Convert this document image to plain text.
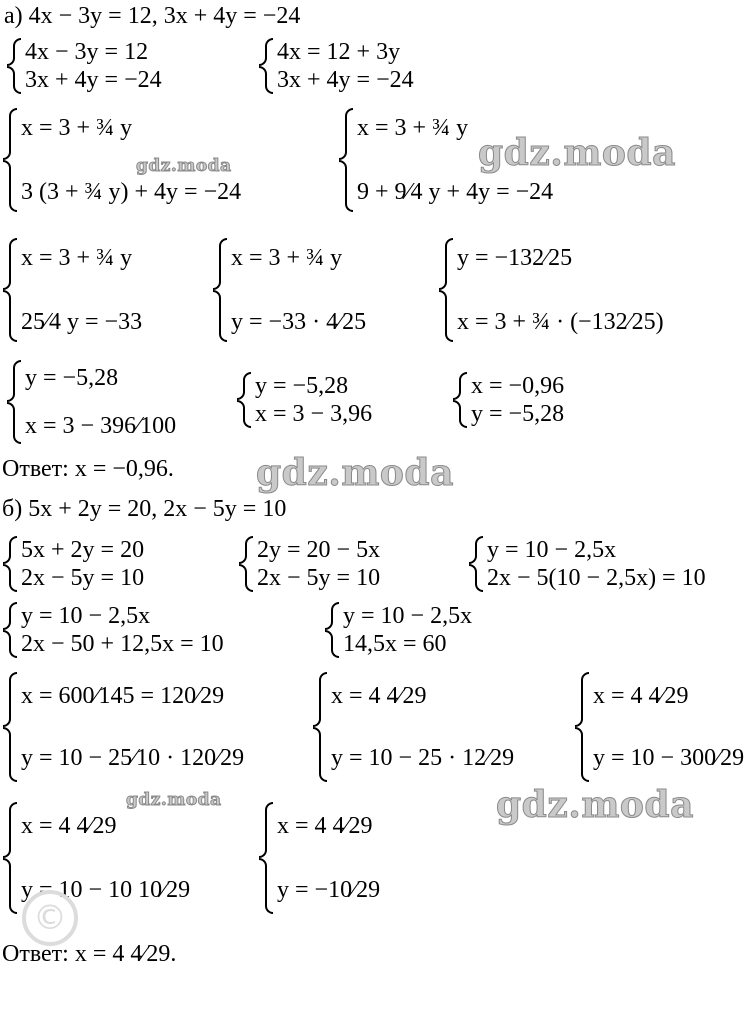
а) 4x − 3y = 12, 3x + 4y = −24
4x − 3y = 12
3x + 4y = −24
4x = 12 + 3y
3x + 4y = −24
x = 3 + ¾ y
3 (3 + ¾ y) + 4y = −24
x = 3 + ¾ y
9 + 9⁄4 y + 4y = −24
x = 3 + ¾ y
25⁄4 y = −33
x = 3 + ¾ y
y = −33 · 4⁄25
y = −132⁄25
x = 3 + ¾ · (−132⁄25)
y = −5,28
x = 3 − 396⁄100
y = −5,28
x = 3 − 3,96
x = −0,96
y = −5,28
Ответ: x = −0,96.
б) 5x + 2y = 20, 2x − 5y = 10
5x + 2y = 20
2x − 5y = 10
2y = 20 − 5x
2x − 5y = 10
y = 10 − 2,5x
2x − 5(10 − 2,5x) = 10
y = 10 − 2,5x
2x − 50 + 12,5x = 10
y = 10 − 2,5x
14,5x = 60
x = 600⁄145 = 120⁄29
y = 10 − 25⁄10 · 120⁄29
x = 4 4⁄29
y = 10 − 25 · 12⁄29
x = 4 4⁄29
y = 10 − 300⁄29
x = 4 4⁄29
y = 10 − 10 10⁄29
x = 4 4⁄29
y = −10⁄29
Ответ: x = 4 4⁄29.
gdz.moda
gdz.moda
gdz.moda
gdz.moda	gdz.moda
©
